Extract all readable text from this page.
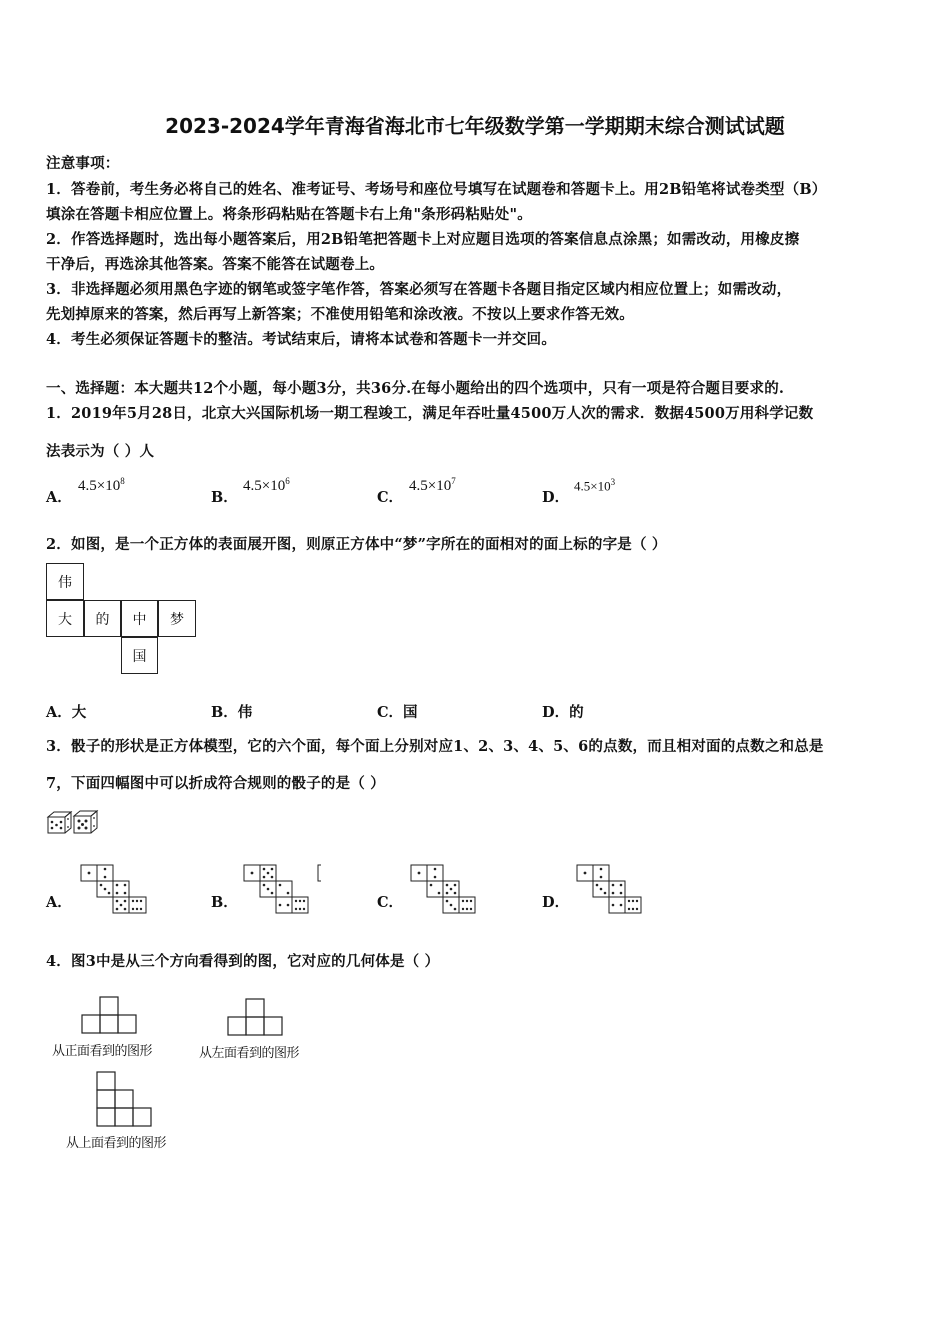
2023-2024学年青海省海北市七年级数学第一学期期末综合测试试题
注意事项：
1．答卷前，考生务必将自己的姓名、准考证号、考场号和座位号填写在试题卷和答题卡上。用2B铅笔将试卷类型（B）
填涂在答题卡相应位置上。将条形码粘贴在答题卡右上角"条形码粘贴处"。
2．作答选择题时，选出每小题答案后，用2B铅笔把答题卡上对应题目选项的答案信息点涂黑；如需改动，用橡皮擦
干净后，再选涂其他答案。答案不能答在试题卷上。
3．非选择题必须用黑色字迹的钢笔或签字笔作答，答案必须写在答题卡各题目指定区域内相应位置上；如需改动，
先划掉原来的答案，然后再写上新答案；不准使用铅笔和涂改液。不按以上要求作答无效。
4．考生必须保证答题卡的整洁。考试结束后，请将本试卷和答题卡一并交回。
一、选择题：本大题共12个小题，每小题3分，共36分.在每小题给出的四个选项中，只有一项是符合题目要求的.
1．2019年5月28日，北京大兴国际机场一期工程竣工，满足年吞吐量4500万人次的需求．数据4500万用科学记数
法表示为（ ）人
A．
$4.5\times 10^8$
B．
$4.5\times 10^6$
C．
$4.5\times 10^7$
D．
$4.5\times 10^3$
2．如图，是一个正方体的表面展开图，则原正方体中“梦”字所在的面相对的面上标的字是（ ）
伟
大	的	中	梦
国
A．大	B．伟	C．国	D．的
3．骰子的形状是正方体模型，它的六个面，每个面上分别对应1、2、3、4、5、6的点数，而且相对面的点数之和总是
7，下面四幅图中可以折成符合规则的骰子的是（ ）
A．	B．	C．	D．
4．图3中是从三个方向看得到的图，它对应的几何体是（ ）
从正面看到的图形	从左面看到的图形
从上面看到的图形
